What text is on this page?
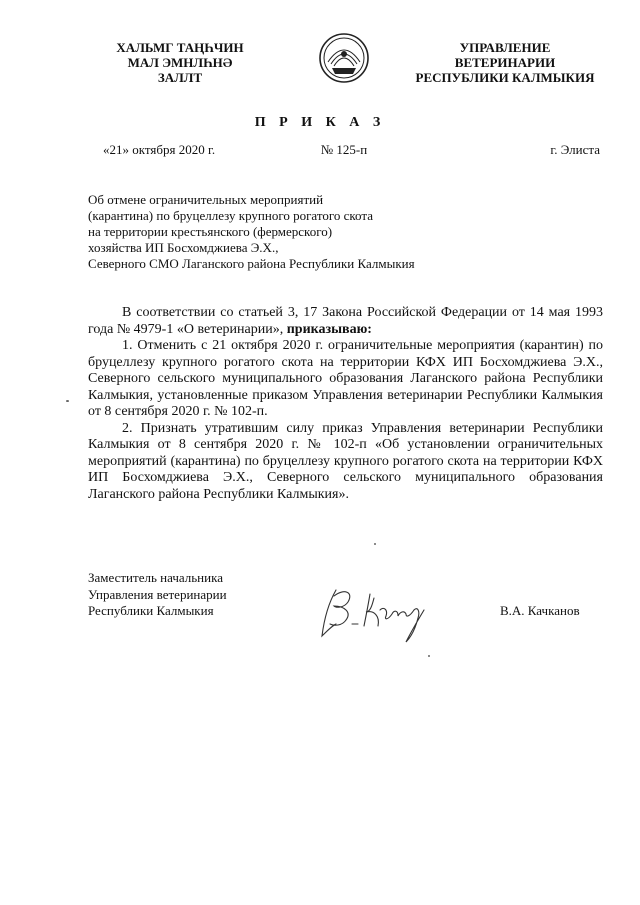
ХАЛЬМГ ТАҢҺЧИН
МАЛ ЭМНЛҺНӘ
ЗАЛЛТ
УПРАВЛЕНИЕ
ВЕТЕРИНАРИИ
РЕСПУБЛИКИ КАЛМЫКИЯ
П Р И К А З
«21» октября 2020 г.	№ 125-п	г. Элиста
Об отмене ограничительных мероприятий
(карантина) по бруцеллезу крупного рогатого скота
на территории крестьянского (фермерского)
хозяйства ИП Босхомджиева Э.Х.,
Северного СМО Лаганского района Республики Калмыкия

В соответствии со статьей 3, 17 Закона Российской Федерации от 14 мая 1993 года № 4979-1 «О ветеринарии», приказываю:

1. Отменить с 21 октября 2020 г. ограничительные мероприятия (карантин) по бруцеллезу крупного рогатого скота на территории КФХ ИП Босхомджиева Э.Х., Северного сельского муниципального образования Лаганского района Республики Калмыкия, установленные приказом Управления ветеринарии Республики Калмыкия от 8 сентября 2020 г. № 102-п.

2. Признать утратившим силу приказ Управления ветеринарии Республики Калмыкия от 8 сентября 2020 г. № 102-п «Об установлении ограничительных мероприятий (карантина) по бруцеллезу крупного рогатого скота на территории КФХ ИП Босхомджиева Э.Х., Северного сельского муниципального образования Лаганского района Республики Калмыкия».

Заместитель начальника
Управления ветеринарии
Республики Калмыкия	В.А. Качканов
